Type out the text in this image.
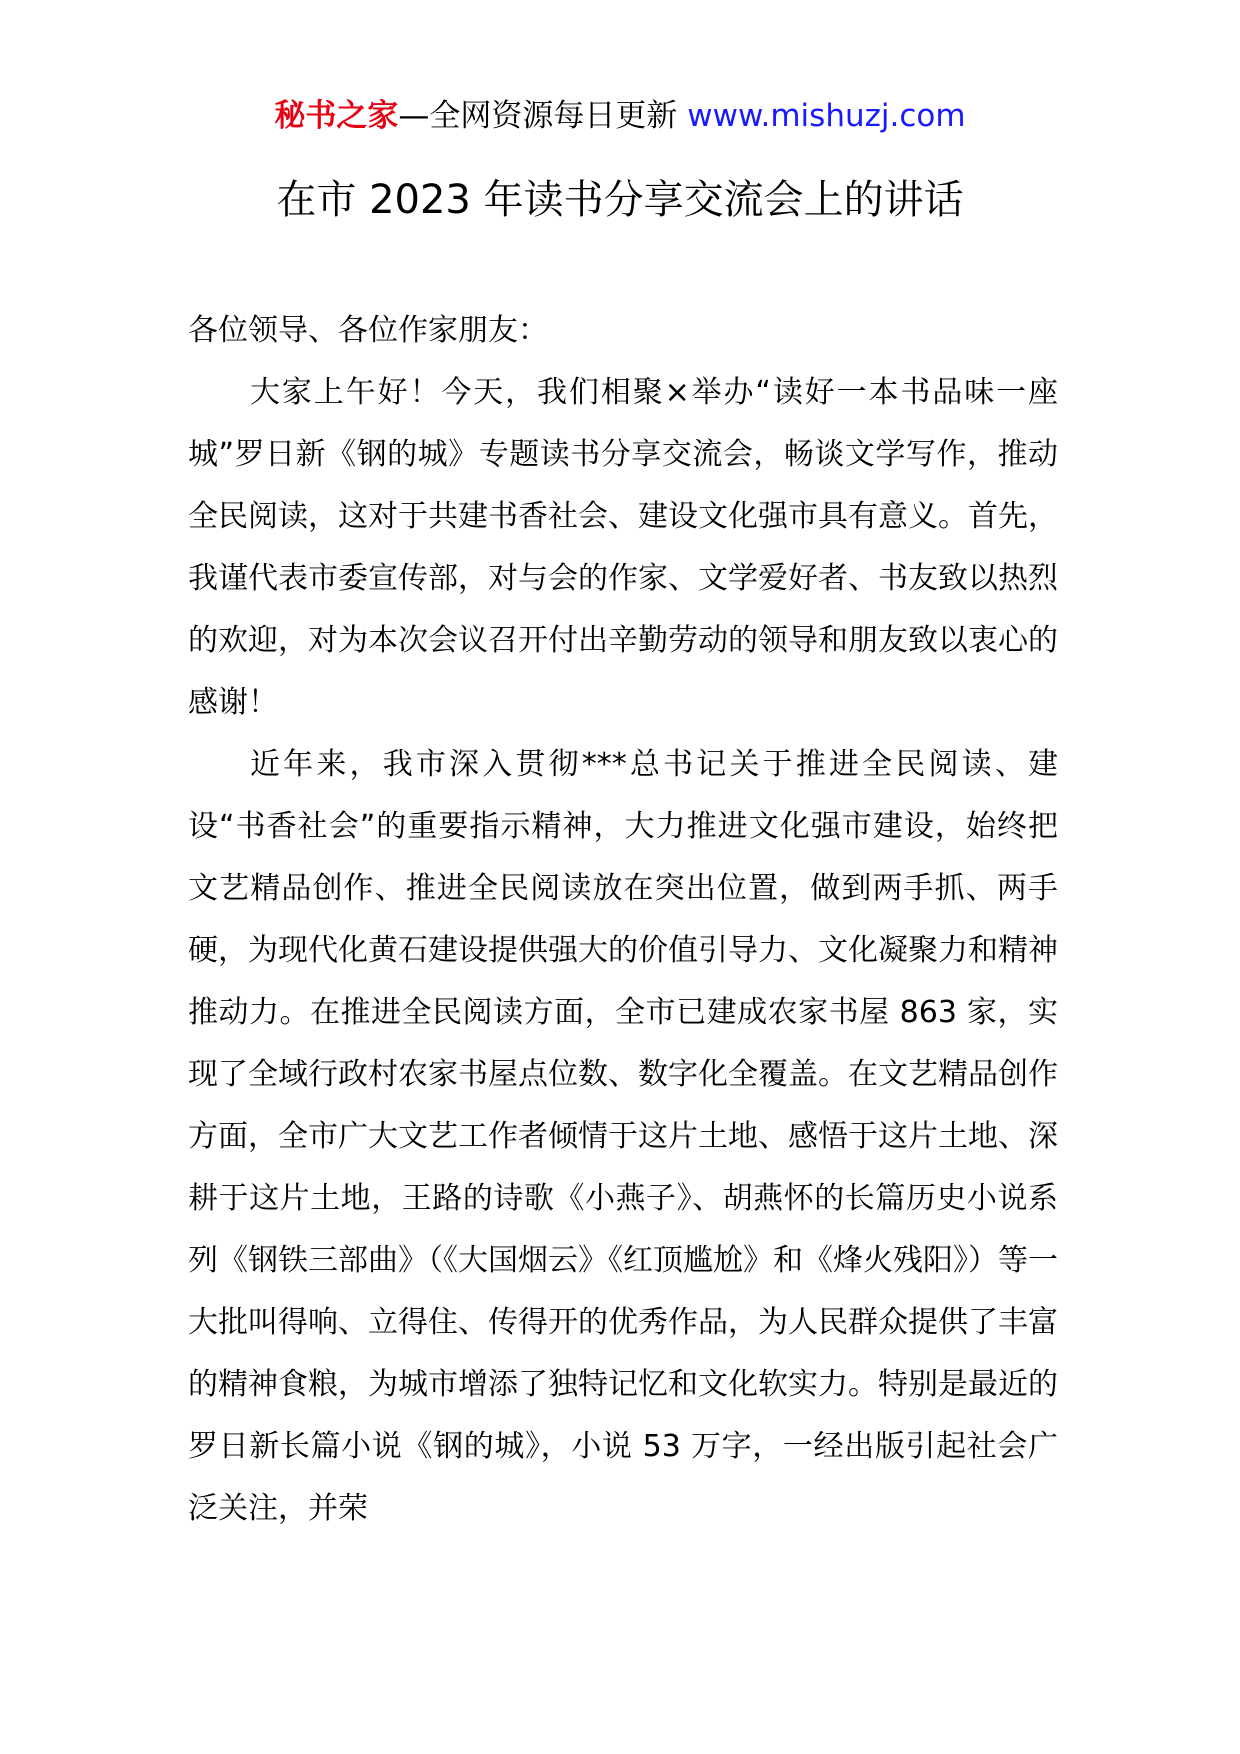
秘书之家—全网资源每日更新 www.mishuzj.com
在市 2023 年读书分享交流会上的讲话

各位领导、各位作家朋友：

大家上午好！今天，我们相聚×举办“读好一本书品味一座城”罗日新《钢的城》专题读书分享交流会，畅谈文学写作，推动全民阅读，这对于共建书香社会、建设文化强市具有意义。首先，我谨代表市委宣传部，对与会的作家、文学爱好者、书友致以热烈的欢迎，对为本次会议召开付出辛勤劳动的领导和朋友致以衷心的感谢！

近年来，我市深入贯彻***总书记关于推进全民阅读、建设“书香社会”的重要指示精神，大力推进文化强市建设，始终把文艺精品创作、推进全民阅读放在突出位置，做到两手抓、两手硬，为现代化黄石建设提供强大的价值引导力、文化凝聚力和精神推动力。在推进全民阅读方面，全市已建成农家书屋 863 家，实现了全域行政村农家书屋点位数、数字化全覆盖。在文艺精品创作方面，全市广大文艺工作者倾情于这片土地、感悟于这片土地、深耕于这片土地，王路的诗歌《小燕子》、胡燕怀的长篇历史小说系列《钢铁三部曲》（《大国烟云》《红顶尴尬》和《烽火残阳》）等一大批叫得响、立得住、传得开的优秀作品，为人民群众提供了丰富的精神食粮，为城市增添了独特记忆和文化软实力。特别是最近的罗日新长篇小说《钢的城》，小说 53 万字，一经出版引起社会广泛关注，并荣
